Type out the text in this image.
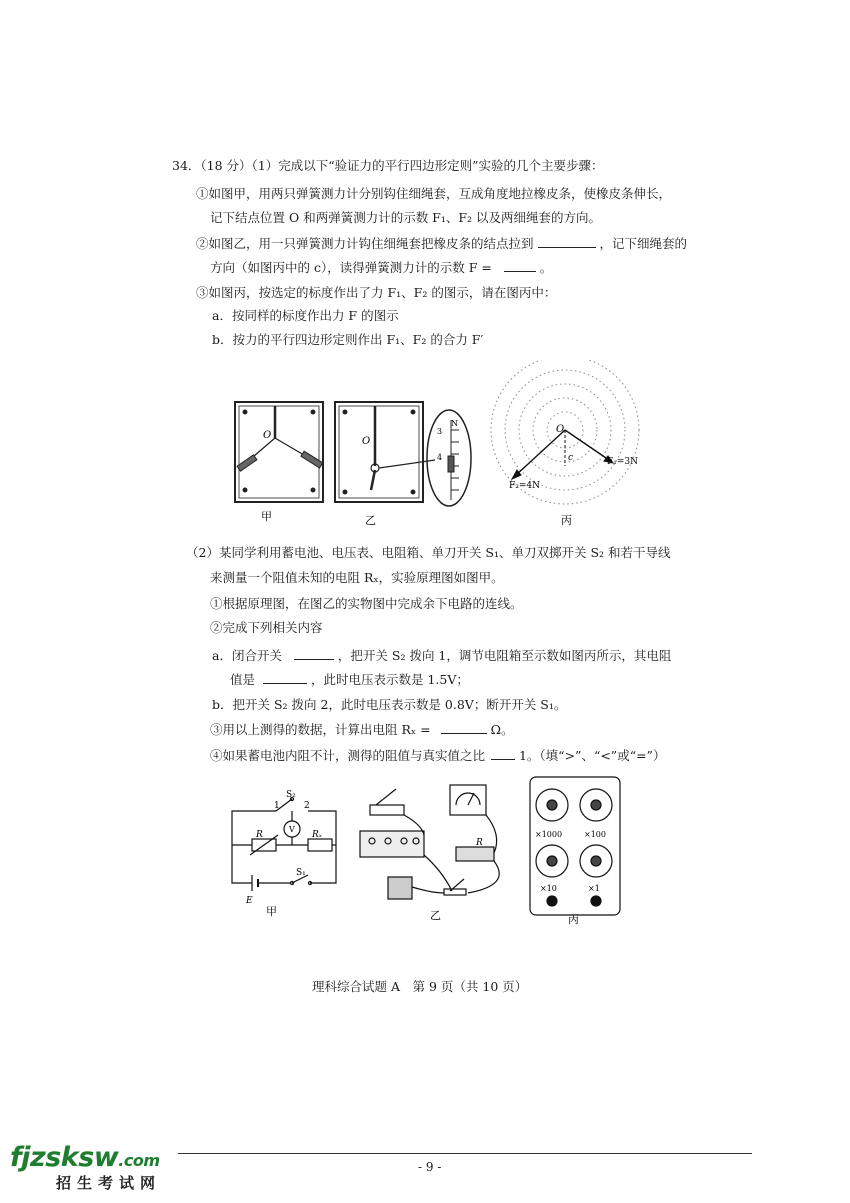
34．（18 分）（1）完成以下“验证力的平行四边形定则”实验的几个主要步骤：
①如图甲，用两只弹簧测力计分别钩住细绳套，互成角度地拉橡皮条，使橡皮条伸长，
记下结点位置 O 和两弹簧测力计的示数 F₁、F₂ 以及两细绳套的方向。
②如图乙，用一只弹簧测力计钩住细绳套把橡皮条的结点拉到	，记下细绳套的
方向（如图丙中的 c），读得弹簧测力计的示数 F =	。
③如图丙，按选定的标度作出了力 F₁、F₂ 的图示，请在图丙中：
a．按同样的标度作出力 F 的图示
b．按力的平行四边形定则作出 F₁、F₂ 的合力 F′
O
O
N
3
4
O
c	F₁=3N
F₂=4N
甲	乙	丙
（2）某同学利用蓄电池、电压表、电阻箱、单刀开关 S₁、单刀双掷开关 S₂ 和若干导线
来测量一个阻值未知的电阻 Rₓ，实验原理图如图甲。
①根据原理图，在图乙的实物图中完成余下电路的连线。
②完成下列相关内容
a．闭合开关	，把开关 S₂ 拨向 1，调节电阻箱至示数如图丙所示，其电阻
值是	，此时电压表示数是 1.5V；
b．把开关 S₂ 拨向 2，此时电压表示数是 0.8V；断开开关 S₁。
③用以上测得的数据，计算出电阻 Rₓ =	Ω。
④如果蓄电池内阻不计，测得的阻值与真实值之比	1。（填“>”、“<”或“=”）
V
S₂
1	2
R	Rₓ
S₁
E
甲
R
乙
×1000	×100
×10	×1
丙
理科综合试题 A　第 9 页（共 10 页）
- 9 -
fjzsksw.com
招生考试网
